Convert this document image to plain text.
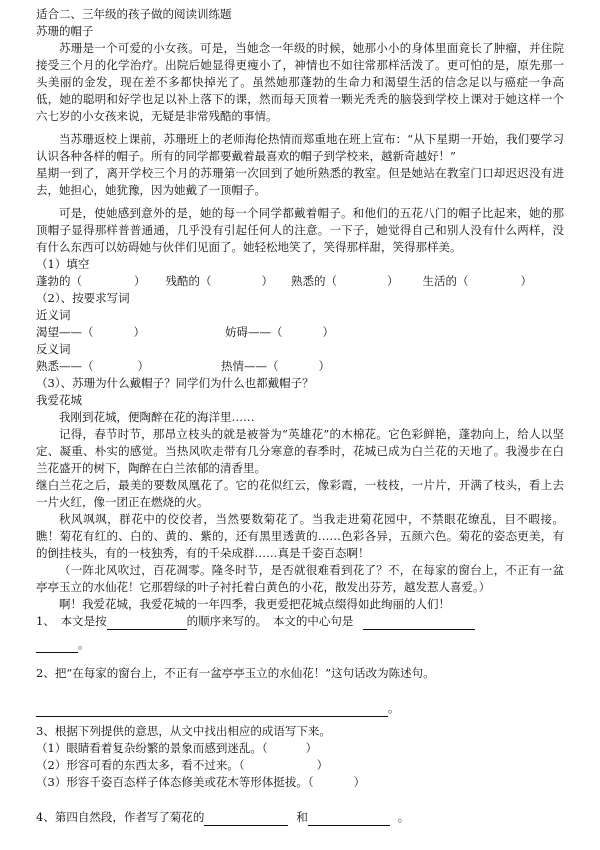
适合二、三年级的孩子做的阅读训练题
苏珊的帽子
苏珊是一个可爱的小女孩。可是，当她念一年级的时候，她那小小的身体里面竟长了肿瘤，并住院接受三个月的化学治疗。出院后她显得更瘦小了，神情也不如往常那样活泼了。更可怕的是，原先那一头美丽的金发，现在差不多都快掉光了。虽然她那蓬勃的生命力和渴望生活的信念足以与癌症一争高低，她的聪明和好学也足以补上落下的课，然而每天顶着一颗光秃秃的脑袋到学校上课对于她这样一个六七岁的小女孩来说，无疑是非常残酷的事情。
当苏珊返校上课前，苏珊班上的老师海伦热情而郑重地在班上宣布：“从下星期一开始，我们要学习认识各种各样的帽子。所有的同学都要戴着最喜欢的帽子到学校来，越新奇越好！”
星期一到了，离开学校三个月的苏珊第一次回到了她所熟悉的教室。但是她站在教室门口却迟迟没有进去，她担心，她犹豫，因为她戴了一顶帽子。
可是，使她感到意外的是，她的每一个同学都戴着帽子。和他们的五花八门的帽子比起来，她的那顶帽子显得那样普普通通，几乎没有引起任何人的注意。一下子，她觉得自己和别人没有什么两样，没有什么东西可以妨碍她与伙伴们见面了。她轻松地笑了，笑得那样甜，笑得那样美。
（1）填空
蓬勃的（	） 残酷的（	） 熟悉的（	） 生活的（	）
（2）、按要求写词
近义词
渴望——（	）	妨碍——（	）
反义词
熟悉——（	）	热情——（	）
（3）、苏珊为什么戴帽子？同学们为什么也都戴帽子？
我爱花城
我刚到花城，便陶醉在花的海洋里……
记得，春节时节，那昂立枝头的就是被誉为“英雄花”的木棉花。它色彩鲜艳，蓬勃向上，给人以坚定、凝重、朴实的感觉。当热风吹走带有几分寒意的春季时，花城已成为白兰花的天地了。我漫步在白兰花盛开的树下，陶醉在白兰浓郁的清香里。
继白兰花之后，最美的要数凤凰花了。它的花似红云，像彩霞，一枝枝，一片片，开满了枝头，看上去一片火红，像一团正在燃烧的火。
秋风飒飒，群花中的佼佼者，当然要数菊花了。当我走进菊花园中，不禁眼花缭乱，目不暇接。瞧！菊花有红的、白的、黄的、紫的，还有黑里透黄的……色彩各异，五颜六色。菊花的姿态更美，有的倒挂枝头，有的一枝独秀，有的千朵成群……真是千姿百态啊！
（一阵北风吹过，百花凋零。隆冬时节，是否就很难看到花了？不，在每家的窗台上，不正有一盆亭亭玉立的水仙花！它那碧绿的叶子衬托着白黄色的小花，散发出芬芳，越发惹人喜爱。）
啊！我爱花城，我爱花城的一年四季，我更爱把花城点缀得如此绚丽的人们！
1、　本文是按	的顺序来写的。　本文的中心句是
。
2、把“在每家的窗台上，不正有一盆亭亭玉立的水仙花！”这句话改为陈述句。
。
3、根据下列提供的意思，从文中找出相应的成语写下来。
（1）眼睛看着复杂纷繁的景象而感到迷乱。（	）
（2）形容可看的东西太多，看不过来。（	）
（3）形容千姿百态样子体态修美或花木等形体挺拔。（	）
4、第四自然段，作者写了菊花的	和	。
